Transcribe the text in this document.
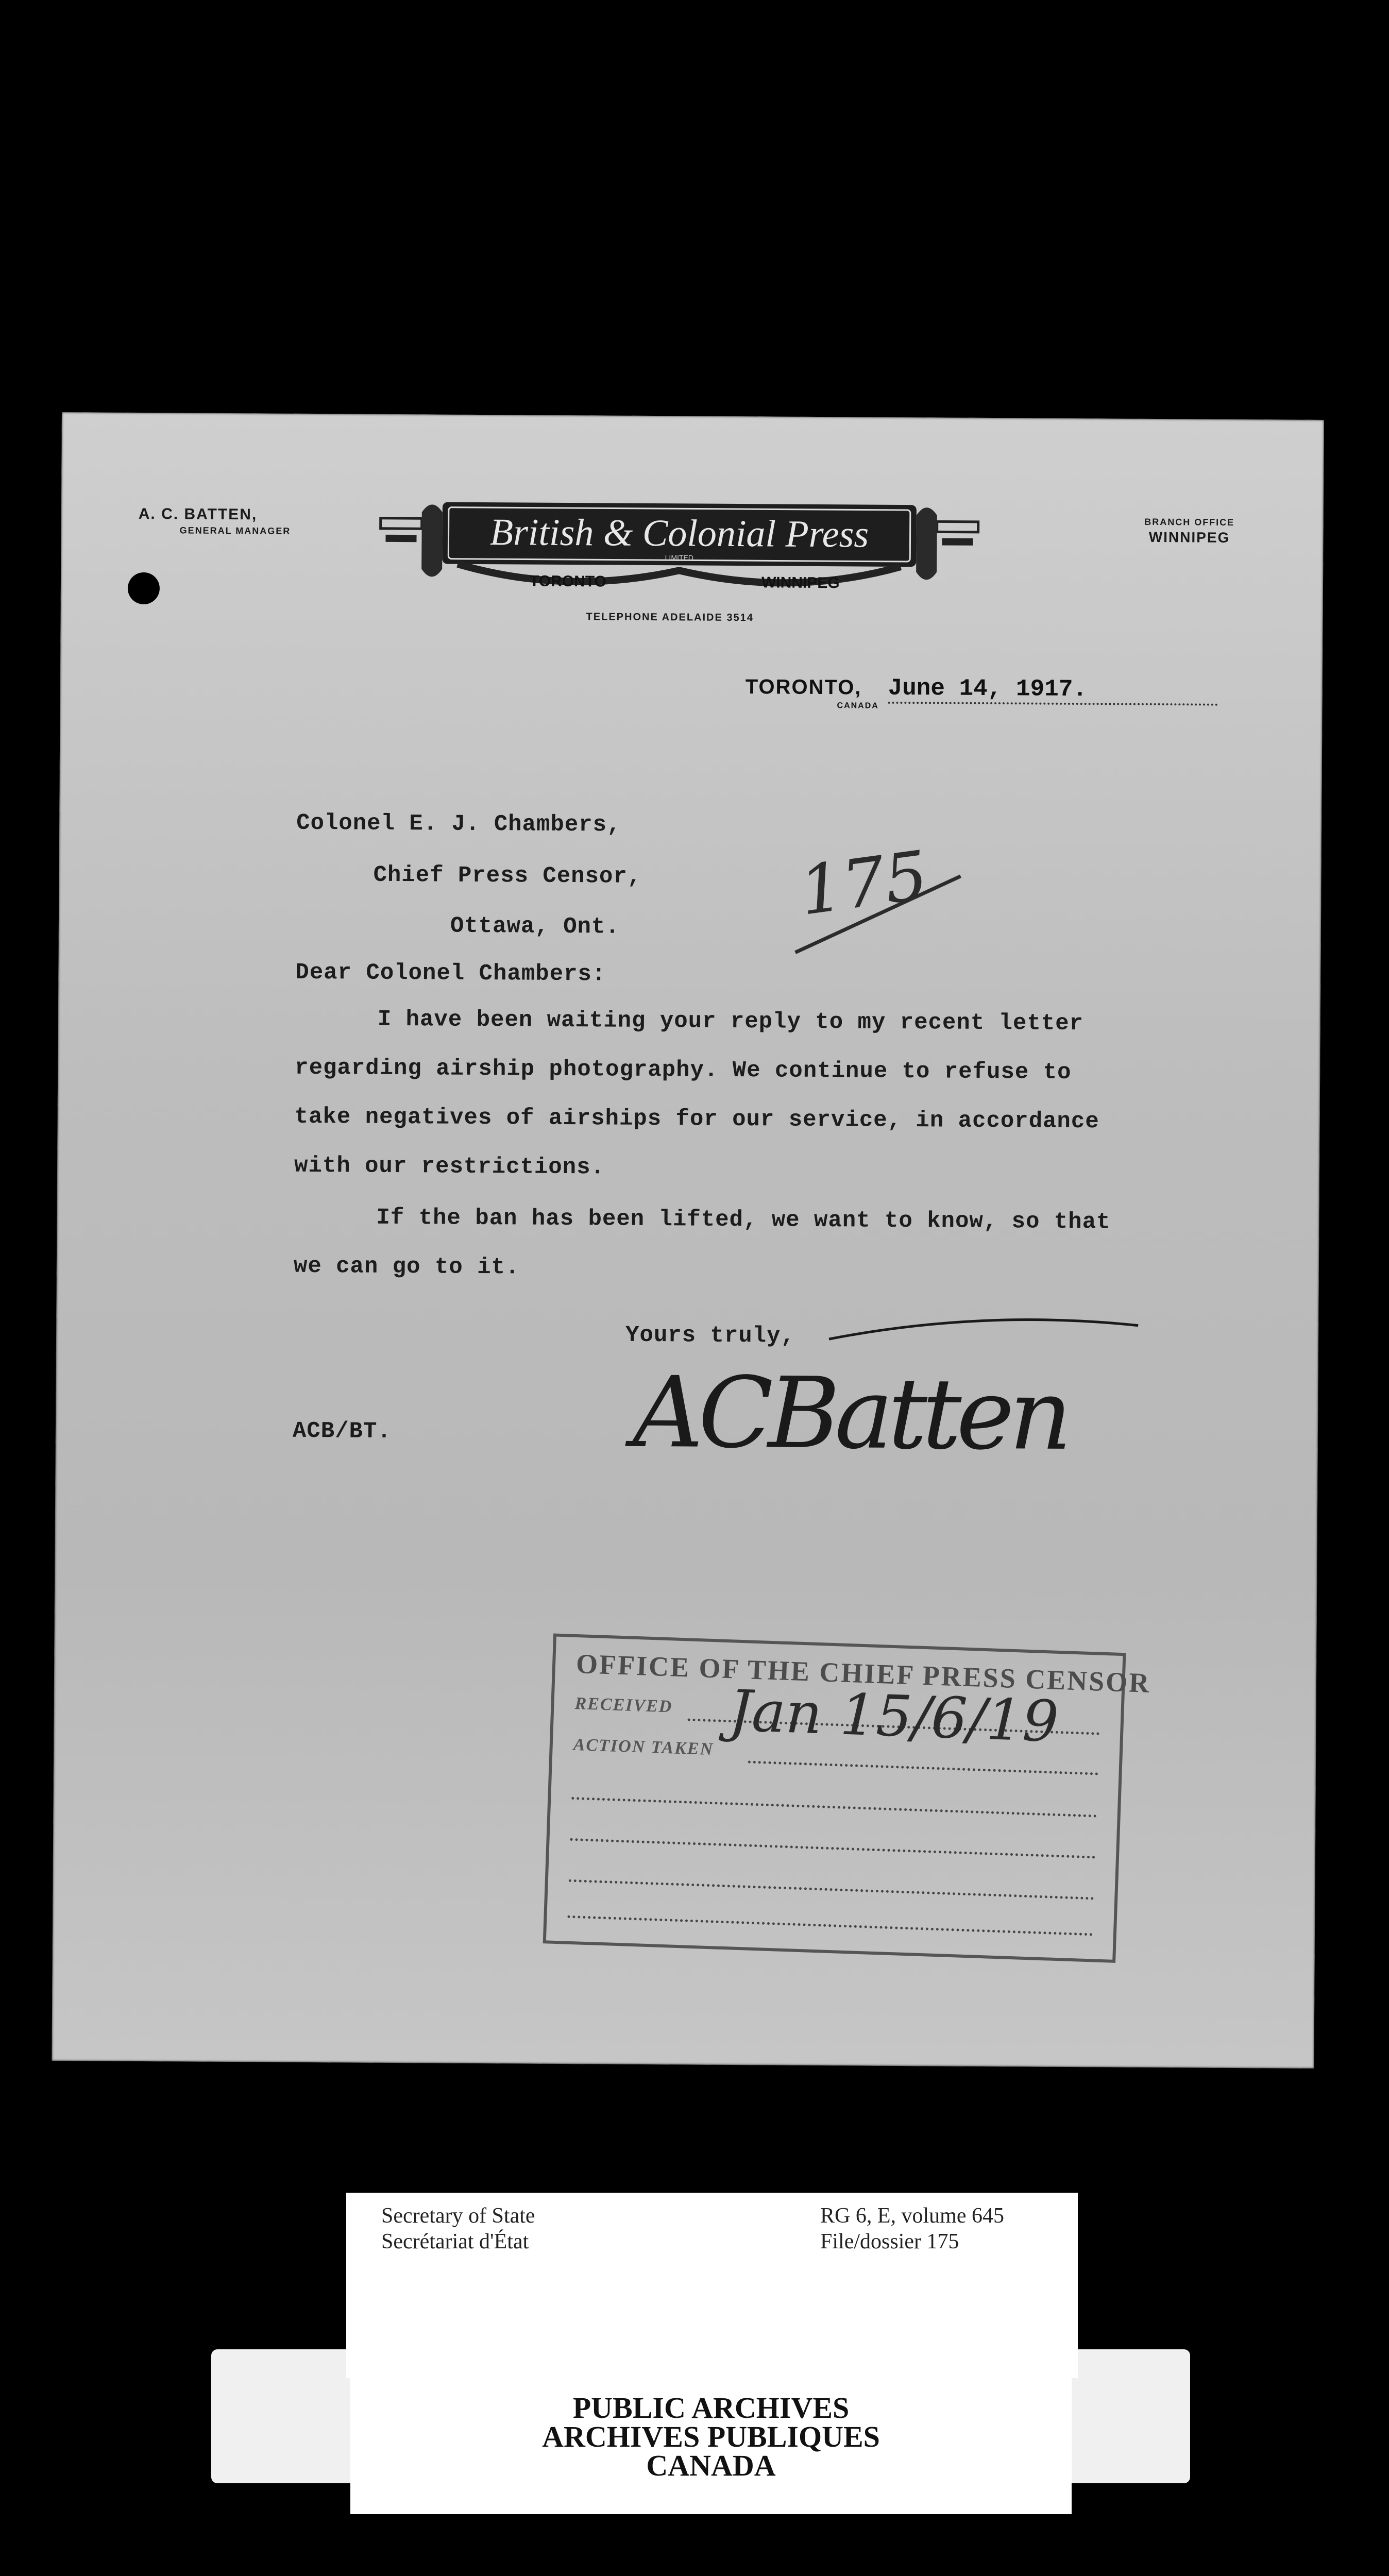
A. C. BATTEN,
GENERAL MANAGER	British & Colonial Press
LIMITED
TORONTO	WINNIPEG
TELEPHONE ADELAIDE 3514
BRANCH OFFICE
WINNIPEG
TORONTO, June 14, 1917.
CANADA
Colonel E. J. Chambers,
Chief Press Censor,
Ottawa, Ont.	175
Dear Colonel Chambers:
I have been waiting your reply to my recent letter
regarding airship photography. We continue to refuse to
take negatives of airships for our service, in accordance
with our restrictions.
If the ban has been lifted, we want to know, so that
we can go to it.
Yours truly,
ACBatten
ACB/BT.
OFFICE OF THE CHIEF PRESS CENSOR
RECEIVED
ACTION TAKEN Jan 15/6/19
Secretary of State
Secrétariat d'État
RG 6, E, volume 645
File/dossier 175
PUBLIC ARCHIVES
ARCHIVES PUBLIQUES
CANADA
